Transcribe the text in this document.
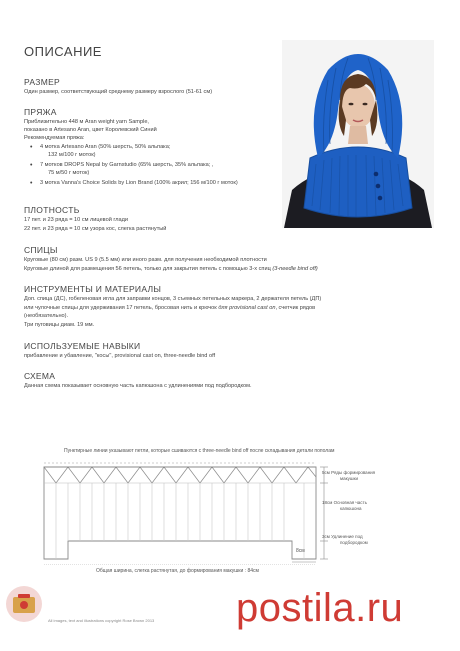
ОПИСАНИЕ
РАЗМЕР
Один размер, соответствующий среднему размеру взрослого (51-61 см)
ПРЯЖА
Приблизительно 448 м Aran weight yarn Sample,
показано в Artesano Aran, цвет Королевский Синий
Рекомендуемая пряжа:
• 4 мотка Artesano Aran (50% шерсть, 50% альпака;
132 м/100 г моток)
• 7 мотков DROPS Nepal by Garnstudio (65% шерсть, 35% альпака; ,
75 м/50 г моток)
• 3 мотка Vanna's Choice Solids by Lion Brand (100% акрил; 156 м/100 г моток)
ПЛОТНОСТЬ
17 пет. и 23 ряда = 10 см лицевой глади
22 пет. и 23 ряда = 10 см узора кос, слегка растянутый
СПИЦЫ
Круговые (80 см) разм. US 9 (5.5 мм) или иного разм. для получения необходимой плотности
Круговые длиной для размещения 56 петель, только для закрытия петель с помощью 3-х спиц (3-needle bind off)
ИНСТРУМЕНТЫ И МАТЕРИАЛЫ
Доп. спица (ДС), гобеленовая игла для заправки концов, 3 съемных петельных маркера, 2 держателя петель (ДП)
или чулочные спицы для удерживания 17 петель, бросовая нить и крючок для provisional cast on, счетчик рядов
(необязательно).
Три пуговицы диам. 19 мм.
ИСПОЛЬЗУЕМЫЕ НАВЫКИ
прибавление и убавление, "косы", provisional cast on, three-needle bind off
СХЕМА
Данная схема показывает основную часть капюшона с удлинениями под подбородком.
Пунктирные линии указывают петли, которые сшиваются с three-needle bind off после складывания детали пополам
5см Ряды формирования
макушки
18см Основная часть
капюшона
3см Удлинение под
подбородком
8см
Общая ширина, слегка растянутая, до формирования макушки : 84см
All images, text and illustrations copyright Rose Brown 2013 postila.ru
